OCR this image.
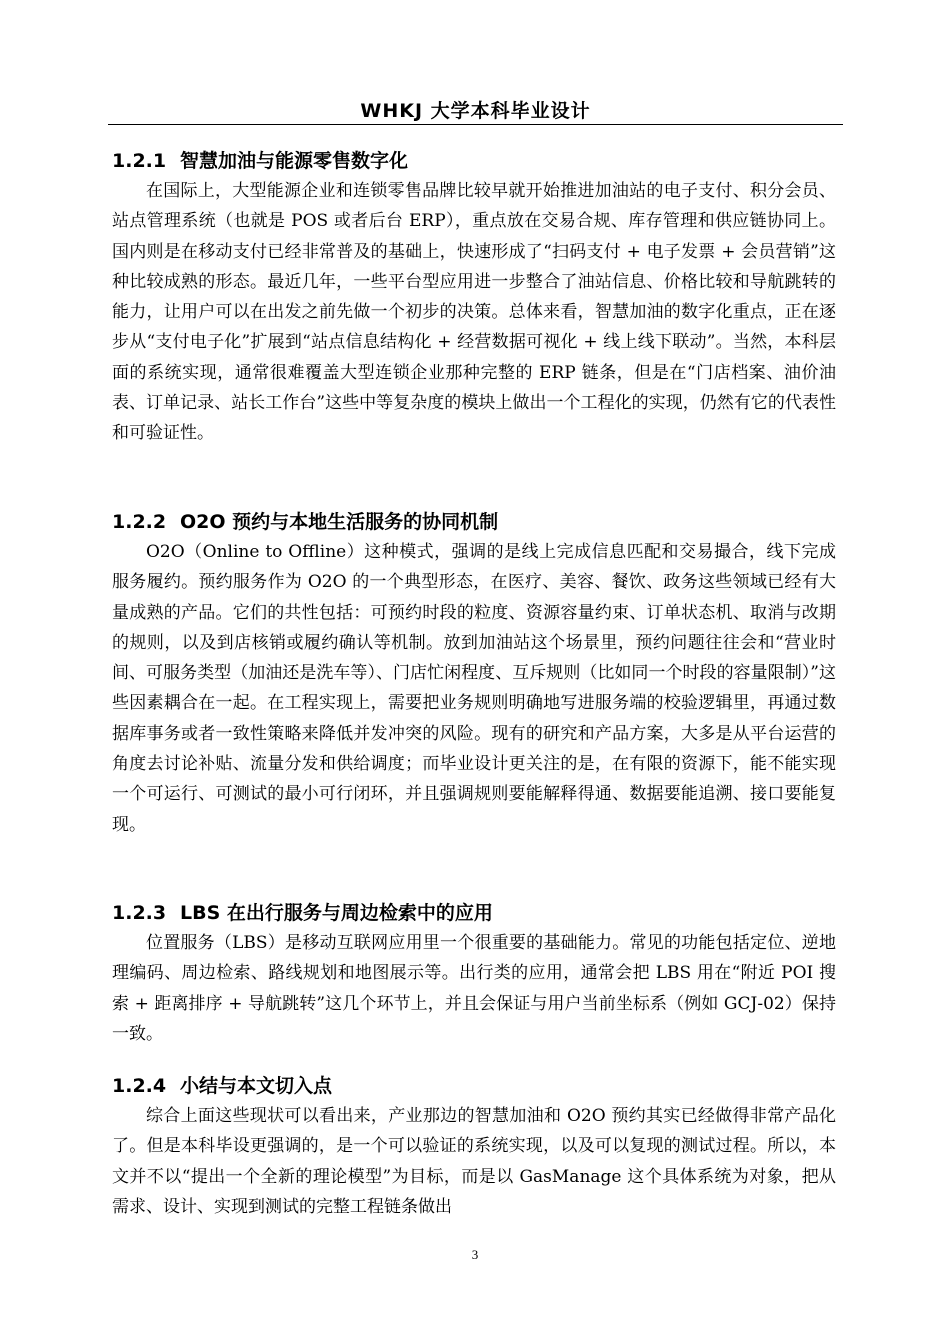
WHKJ 大学本科毕业设计
1.2.1 智慧加油与能源零售数字化

在国际上，大型能源企业和连锁零售品牌比较早就开始推进加油站的电子支付、积分会员、站点管理系统（也就是 POS 或者后台 ERP），重点放在交易合规、库存管理和供应链协同上。国内则是在移动支付已经非常普及的基础上，快速形成了“扫码支付 + 电子发票 + 会员营销”这种比较成熟的形态。最近几年，一些平台型应用进一步整合了油站信息、价格比较和导航跳转的能力，让用户可以在出发之前先做一个初步的决策。总体来看，智慧加油的数字化重点，正在逐步从“支付电子化”扩展到“站点信息结构化 + 经营数据可视化 + 线上线下联动”。当然，本科层面的系统实现，通常很难覆盖大型连锁企业那种完整的 ERP 链条，但是在“门店档案、油价油表、订单记录、站长工作台”这些中等复杂度的模块上做出一个工程化的实现，仍然有它的代表性和可验证性。

1.2.2 O2O 预约与本地生活服务的协同机制

O2O（Online to Offline）这种模式，强调的是线上完成信息匹配和交易撮合，线下完成服务履约。预约服务作为 O2O 的一个典型形态，在医疗、美容、餐饮、政务这些领域已经有大量成熟的产品。它们的共性包括：可预约时段的粒度、资源容量约束、订单状态机、取消与改期的规则，以及到店核销或履约确认等机制。放到加油站这个场景里，预约问题往往会和“营业时间、可服务类型（加油还是洗车等）、门店忙闲程度、互斥规则（比如同一个时段的容量限制）”这些因素耦合在一起。在工程实现上，需要把业务规则明确地写进服务端的校验逻辑里，再通过数据库事务或者一致性策略来降低并发冲突的风险。现有的研究和产品方案，大多是从平台运营的角度去讨论补贴、流量分发和供给调度；而毕业设计更关注的是，在有限的资源下，能不能实现一个可运行、可测试的最小可行闭环，并且强调规则要能解释得通、数据要能追溯、接口要能复现。

1.2.3 LBS 在出行服务与周边检索中的应用

位置服务（LBS）是移动互联网应用里一个很重要的基础能力。常见的功能包括定位、逆地理编码、周边检索、路线规划和地图展示等。出行类的应用，通常会把 LBS 用在“附近 POI 搜索 + 距离排序 + 导航跳转”这几个环节上，并且会保证与用户当前坐标系（例如 GCJ-02）保持一致。

1.2.4 小结与本文切入点

综合上面这些现状可以看出来，产业那边的智慧加油和 O2O 预约其实已经做得非常产品化了。但是本科毕设更强调的，是一个可以验证的系统实现，以及可以复现的测试过程。所以，本文并不以“提出一个全新的理论模型”为目标，而是以 GasManage 这个具体系统为对象，把从需求、设计、实现到测试的完整工程链条做出

3
